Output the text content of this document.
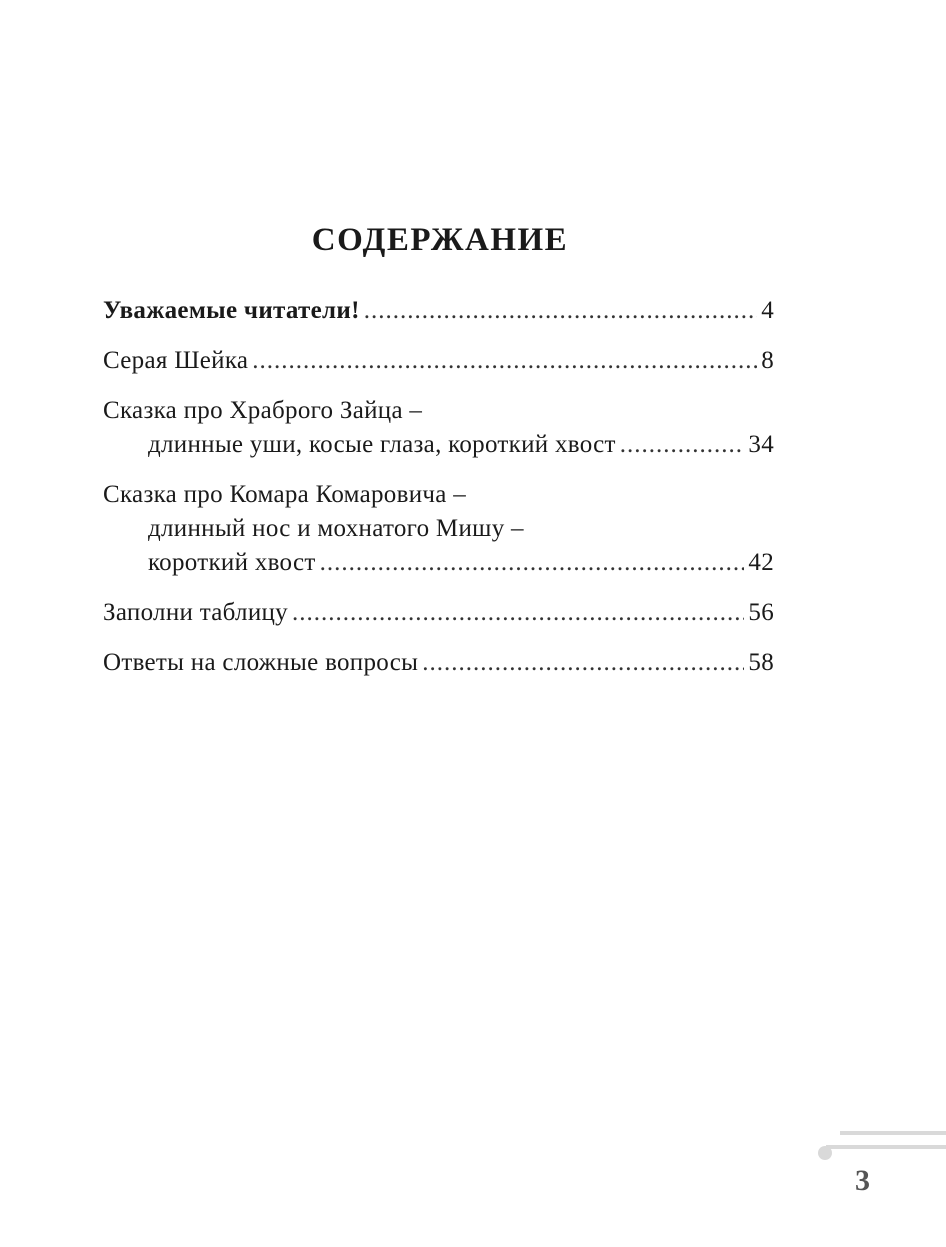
СОДЕРЖАНИЕ
Уважаемые читатели! .....	4
Серая Шейка .....	8
Сказка про Храброго Зайца –
длинные уши, косые глаза, короткий хвост .....	34
Сказка про Комара Комаровича –
длинный нос и мохнатого Мишу –
короткий хвост .....	42
Заполни таблицу .....	56
Ответы на сложные вопросы .....	58
3
